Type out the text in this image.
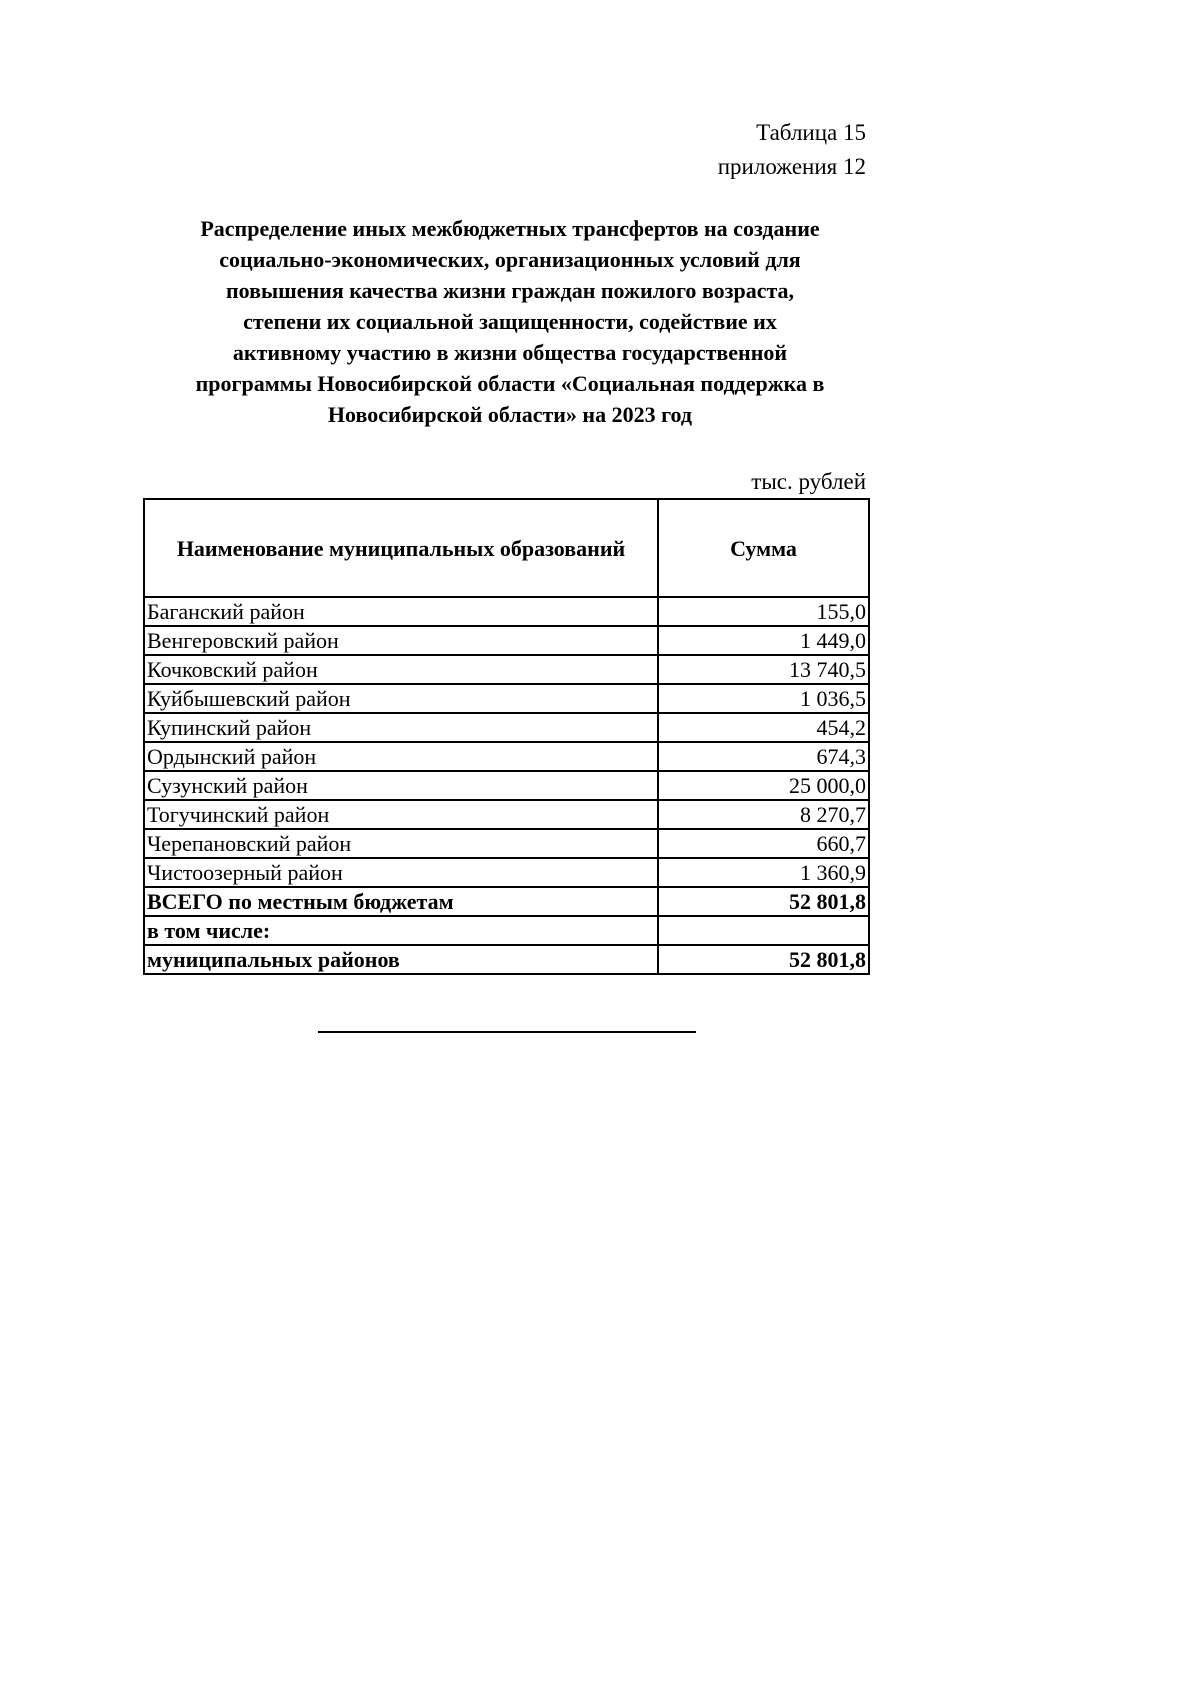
Таблица 15
приложения 12
Распределение иных межбюджетных трансфертов на создание
социально-экономических, организационных условий для
повышения качества жизни граждан пожилого возраста,
степени их социальной защищенности, содействие их
активному участию в жизни общества государственной
программы Новосибирской области «Социальная поддержка в
Новосибирской области» на 2023 год
тыс. рублей
Наименование муниципальных образований	Сумма
Баганский район	155,0
Венгеровский район	1 449,0
Кочковский район	13 740,5
Куйбышевский район	1 036,5
Купинский район	454,2
Ордынский район	674,3
Сузунский район	25 000,0
Тогучинский район	8 270,7
Черепановский район	660,7
Чистоозерный район	1 360,9
ВСЕГО по местным бюджетам	52 801,8
в том числе:	
муниципальных районов	52 801,8
